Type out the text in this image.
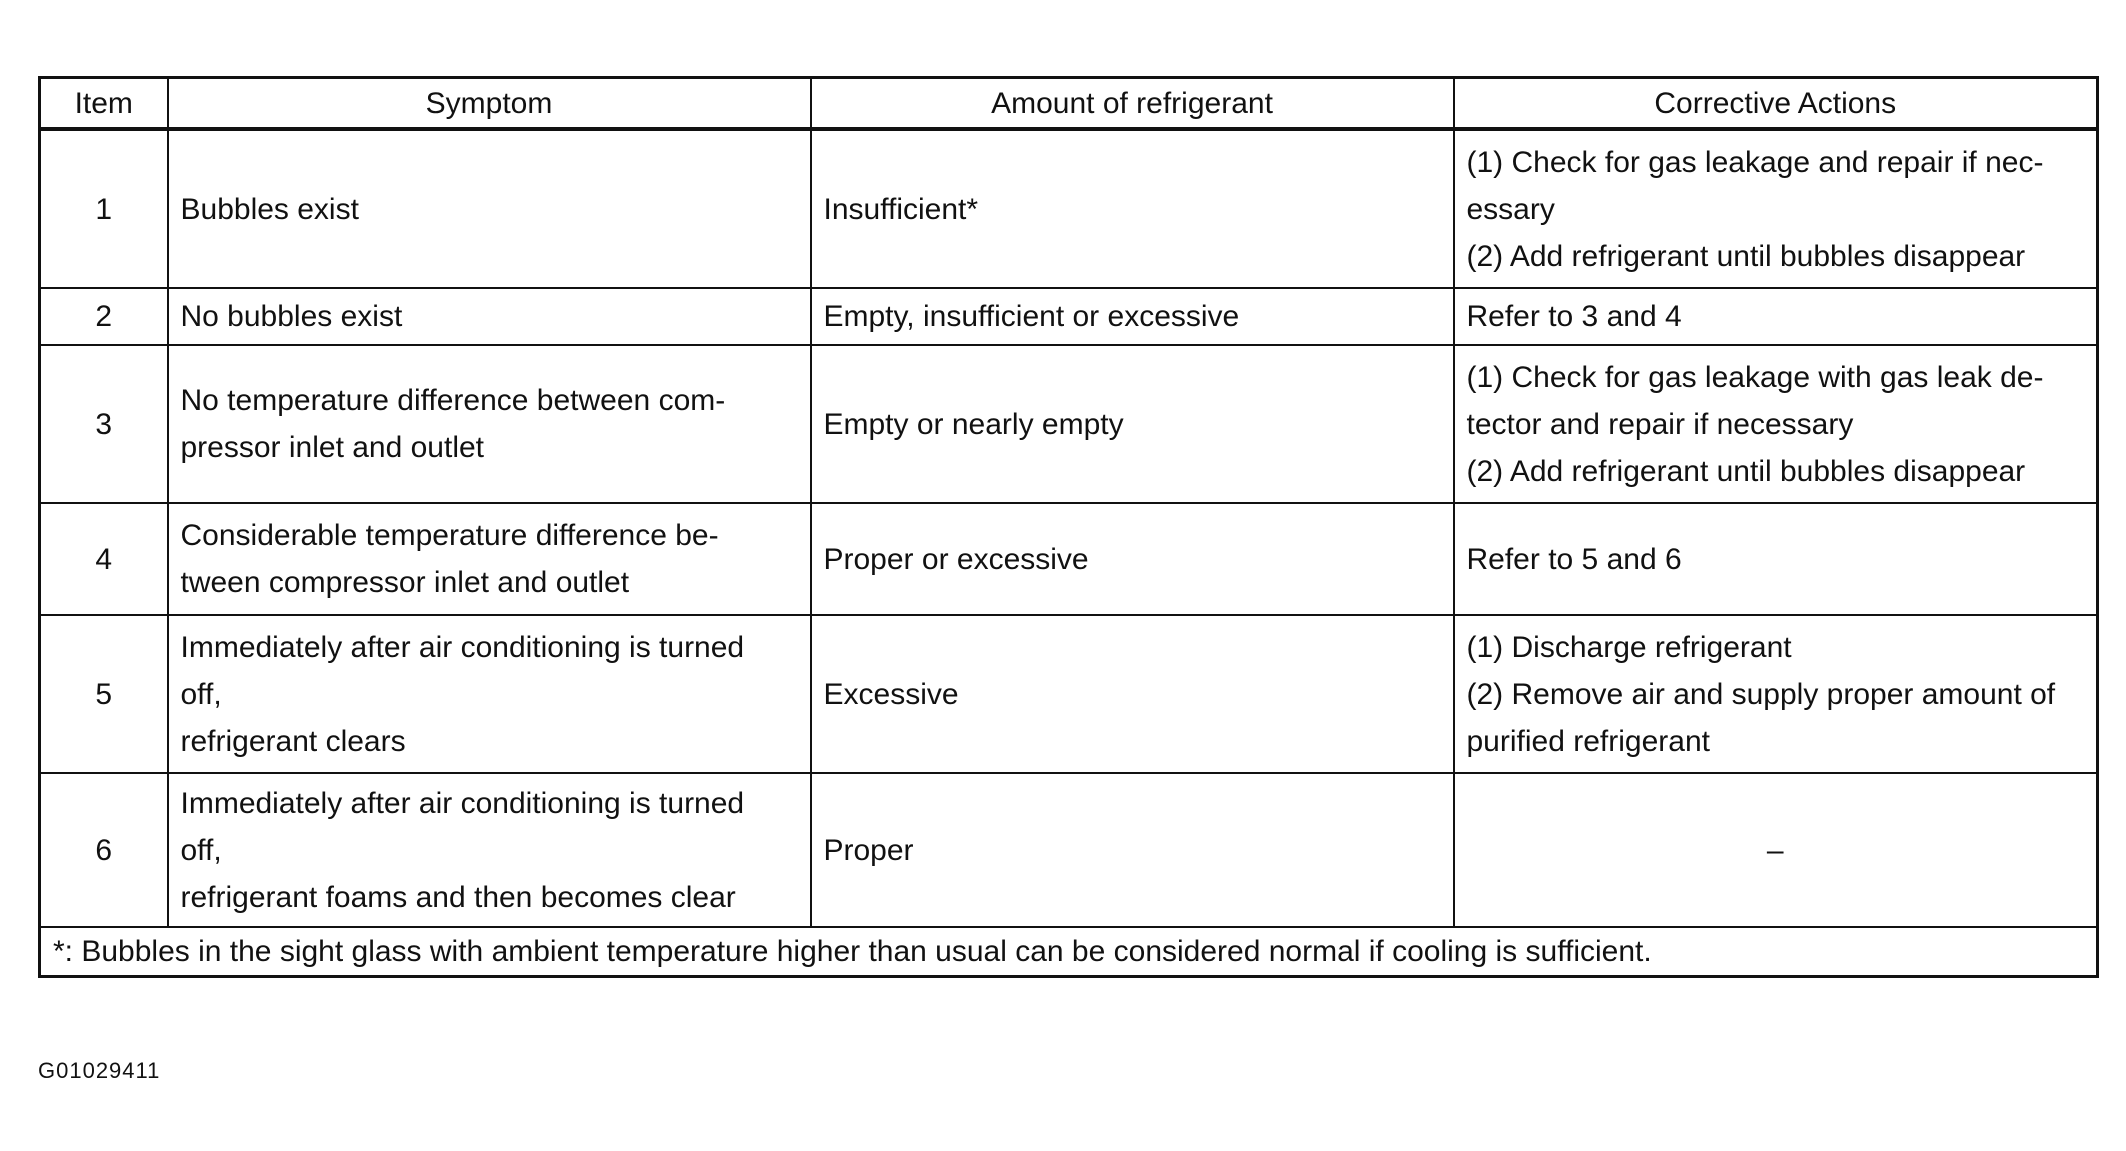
Item	Symptom	Amount of refrigerant	Corrective Actions
1	Bubbles exist	Insufficient*	(1) Check for gas leakage and repair if nec-
essary
(2) Add refrigerant until bubbles disappear

2	No bubbles exist	Empty, insufficient or excessive	Refer to 3 and 4

3	No temperature difference between com-
pressor inlet and outlet	Empty or nearly empty	(1) Check for gas leakage with gas leak de-
tector and repair if necessary
(2) Add refrigerant until bubbles disappear

4	Considerable temperature difference be-
tween compressor inlet and outlet	Proper or excessive	Refer to 5 and 6

5	Immediately after air conditioning is turned
off,
refrigerant clears	Excessive	(1) Discharge refrigerant
(2) Remove air and supply proper amount of
purified refrigerant

6	Immediately after air conditioning is turned
off,
refrigerant foams and then becomes clear	Proper	–

*: Bubbles in the sight glass with ambient temperature higher than usual can be considered normal if cooling is sufficient.			
G01029411
